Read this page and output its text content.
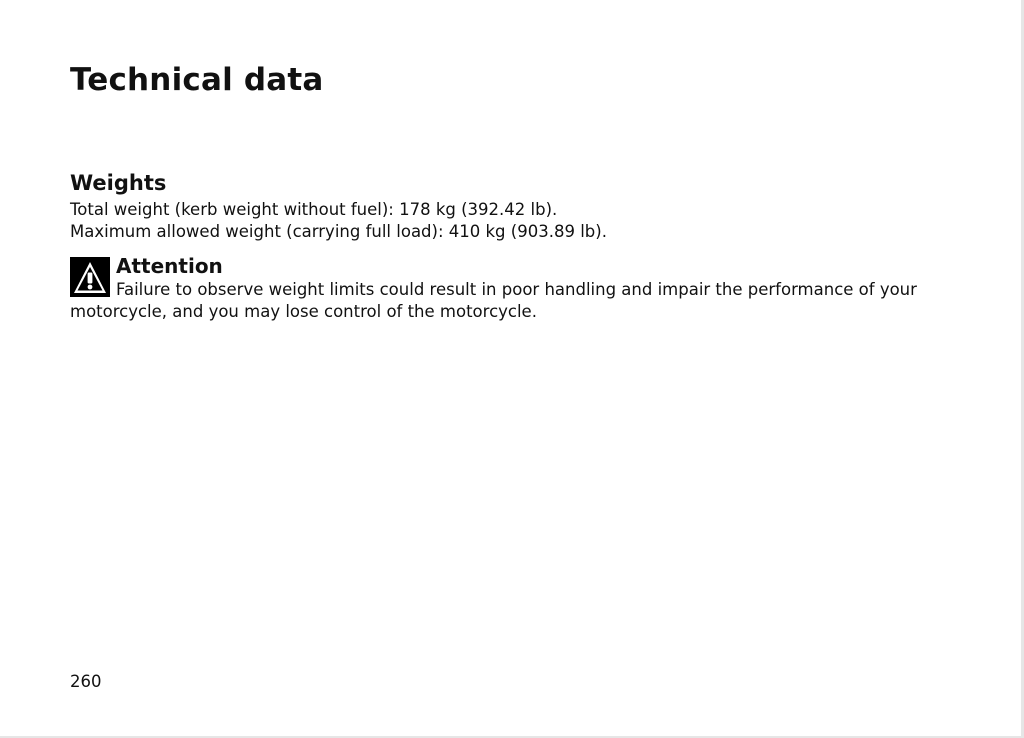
Technical data
Weights

Total weight (kerb weight without fuel): 178 kg (392.42 lb).

Maximum allowed weight (carrying full load): 410 kg (903.89 lb).

Attention

Failure to observe weight limits could result in poor handling and impair the performance of your motorcycle, and you may lose control of the motorcycle.

260
